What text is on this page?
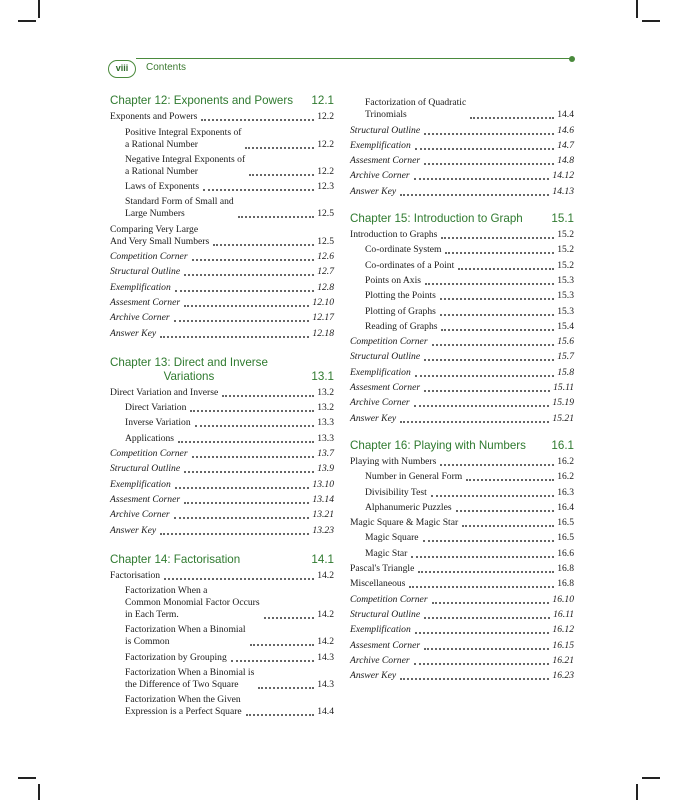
viii	Contents
Chapter 12: Exponents and Powers 12.1
Exponents and Powers	12.2
Positive Integral Exponents of
a Rational Number	12.2
Negative Integral Exponents of
a Rational Number	12.2
Laws of Exponents	12.3
Standard Form of Small and
Large Numbers	12.5
Comparing Very Large
And Very Small Numbers	12.5
Competition Corner	12.6
Structural Outline	12.7
Exemplification	12.8
Assesment Corner	12.10
Archive Corner	12.17
Answer Key	12.18
Chapter 13: Direct and Inverse
Variations	13.1
Direct Variation and Inverse	13.2
Direct Variation	13.2
Inverse Variation	13.3
Applications	13.3
Competition Corner	13.7
Structural Outline	13.9
Exemplification	13.10
Assesment Corner	13.14
Archive Corner	13.21
Answer Key	13.23
Chapter 14: Factorisation	14.1
Factorisation	14.2
Factorization When a
Common Monomial Factor Occurs
in Each Term.	14.2
Factorization When a Binomial
is Common	14.2
Factorization by Grouping	14.3
Factorization When a Binomial is
the Difference of Two Square	14.3
Factorization When the Given
Expression is a Perfect Square	14.4
Factorization of Quadratic
Trinomials	14.4
Structural Outline	14.6
Exemplification	14.7
Assesment Corner	14.8
Archive Corner	14.12
Answer Key	14.13
Chapter 15: Introduction to Graph 15.1
Introduction to Graphs	15.2
Co-ordinate System	15.2
Co-ordinates of a Point	15.2
Points on Axis	15.3
Plotting the Points	15.3
Plotting of Graphs	15.3
Reading of Graphs	15.4
Competition Corner	15.6
Structural Outline	15.7
Exemplification	15.8
Assesment Corner	15.11
Archive Corner	15.19
Answer Key	15.21
Chapter 16: Playing with Numbers 16.1
Playing with Numbers	16.2
Number in General Form	16.2
Divisibility Test	16.3
Alphanumeric Puzzles	16.4
Magic Square & Magic Star	16.5
Magic Square	16.5
Magic Star	16.6
Pascal's Triangle	16.8
Miscellaneous	16.8
Competition Corner	16.10
Structural Outline	16.11
Exemplification	16.12
Assesment Corner	16.15
Archive Corner	16.21
Answer Key	16.23
